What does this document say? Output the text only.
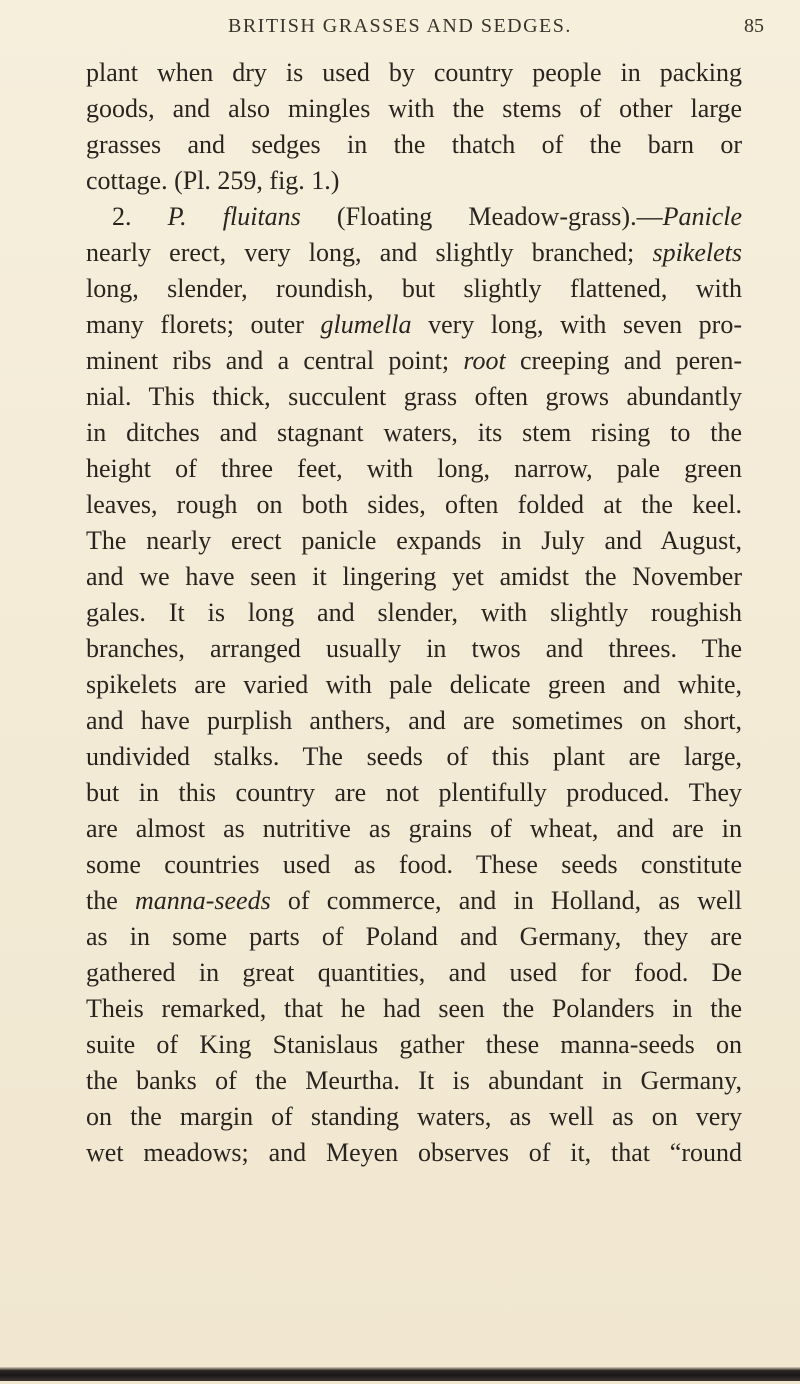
BRITISH GRASSES AND SEDGES.	85
plant when dry is used by country people in packing
goods, and also mingles with the stems of other large
grasses and sedges in the thatch of the barn or
cottage. (Pl. 259, fig. 1.)
2. P. fluitans (Floating Meadow-grass).—Panicle
nearly erect, very long, and slightly branched; spikelets
long, slender, roundish, but slightly flattened, with
many florets; outer glumella very long, with seven pro-
minent ribs and a central point; root creeping and peren-
nial. This thick, succulent grass often grows abundantly
in ditches and stagnant waters, its stem rising to the
height of three feet, with long, narrow, pale green
leaves, rough on both sides, often folded at the keel.
The nearly erect panicle expands in July and August,
and we have seen it lingering yet amidst the November
gales. It is long and slender, with slightly roughish
branches, arranged usually in twos and threes. The
spikelets are varied with pale delicate green and white,
and have purplish anthers, and are sometimes on short,
undivided stalks. The seeds of this plant are large,
but in this country are not plentifully produced. They
are almost as nutritive as grains of wheat, and are in
some countries used as food. These seeds constitute
the manna-seeds of commerce, and in Holland, as well
as in some parts of Poland and Germany, they are
gathered in great quantities, and used for food. De
Theis remarked, that he had seen the Polanders in the
suite of King Stanislaus gather these manna-seeds on
the banks of the Meurtha. It is abundant in Germany,
on the margin of standing waters, as well as on very
wet meadows; and Meyen observes of it, that “round
